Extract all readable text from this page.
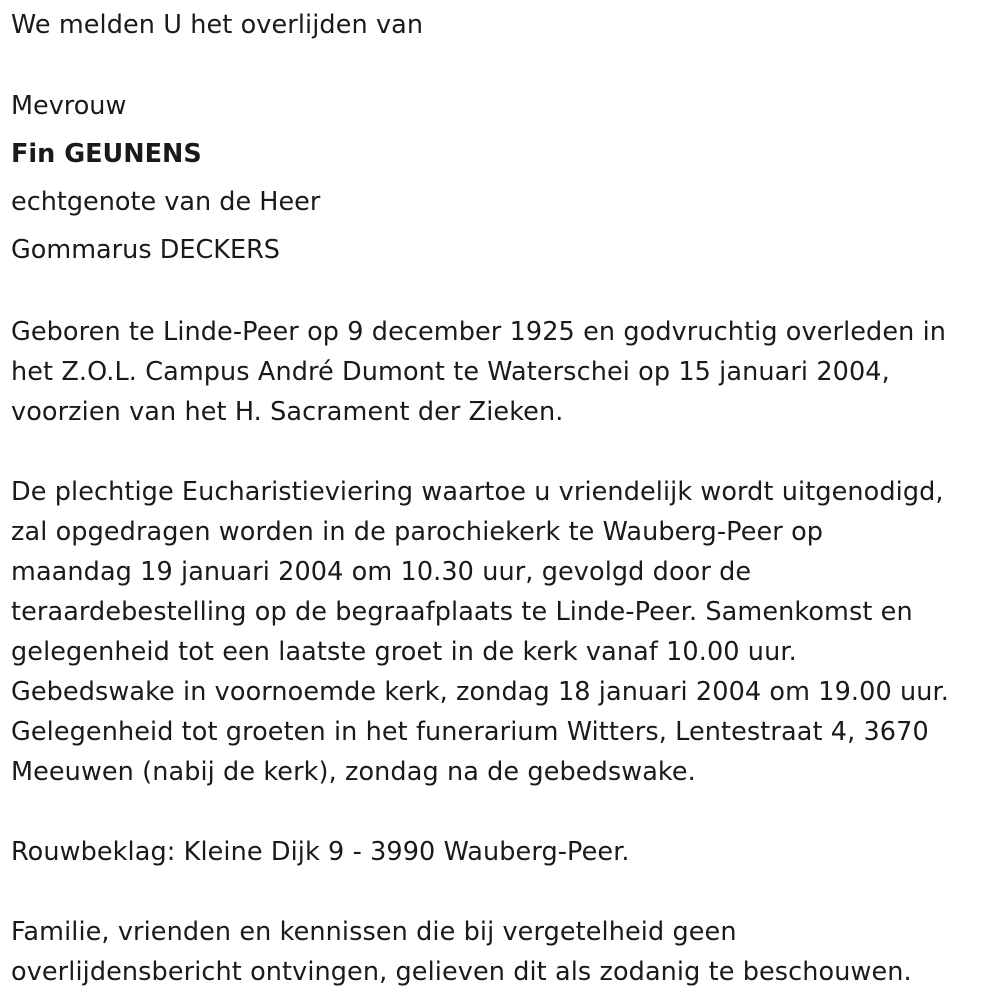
We melden U het overlijden van
Mevrouw
Fin GEUNENS
echtgenote van de Heer
Gommarus DECKERS
Geboren te Linde-Peer op 9 december 1925 en godvruchtig overleden in
het Z.O.L. Campus André Dumont te Waterschei op 15 januari 2004,
voorzien van het H. Sacrament der Zieken.
De plechtige Eucharistieviering waartoe u vriendelijk wordt uitgenodigd,
zal opgedragen worden in de parochiekerk te Wauberg-Peer op
maandag 19 januari 2004 om 10.30 uur, gevolgd door de
teraardebestelling op de begraafplaats te Linde-Peer. Samenkomst en
gelegenheid tot een laatste groet in de kerk vanaf 10.00 uur.
Gebedswake in voornoemde kerk, zondag 18 januari 2004 om 19.00 uur.
Gelegenheid tot groeten in het funerarium Witters, Lentestraat 4, 3670
Meeuwen (nabij de kerk), zondag na de gebedswake.
Rouwbeklag: Kleine Dijk 9 - 3990 Wauberg-Peer.
Familie, vrienden en kennissen die bij vergetelheid geen
overlijdensbericht ontvingen, gelieven dit als zodanig te beschouwen.
